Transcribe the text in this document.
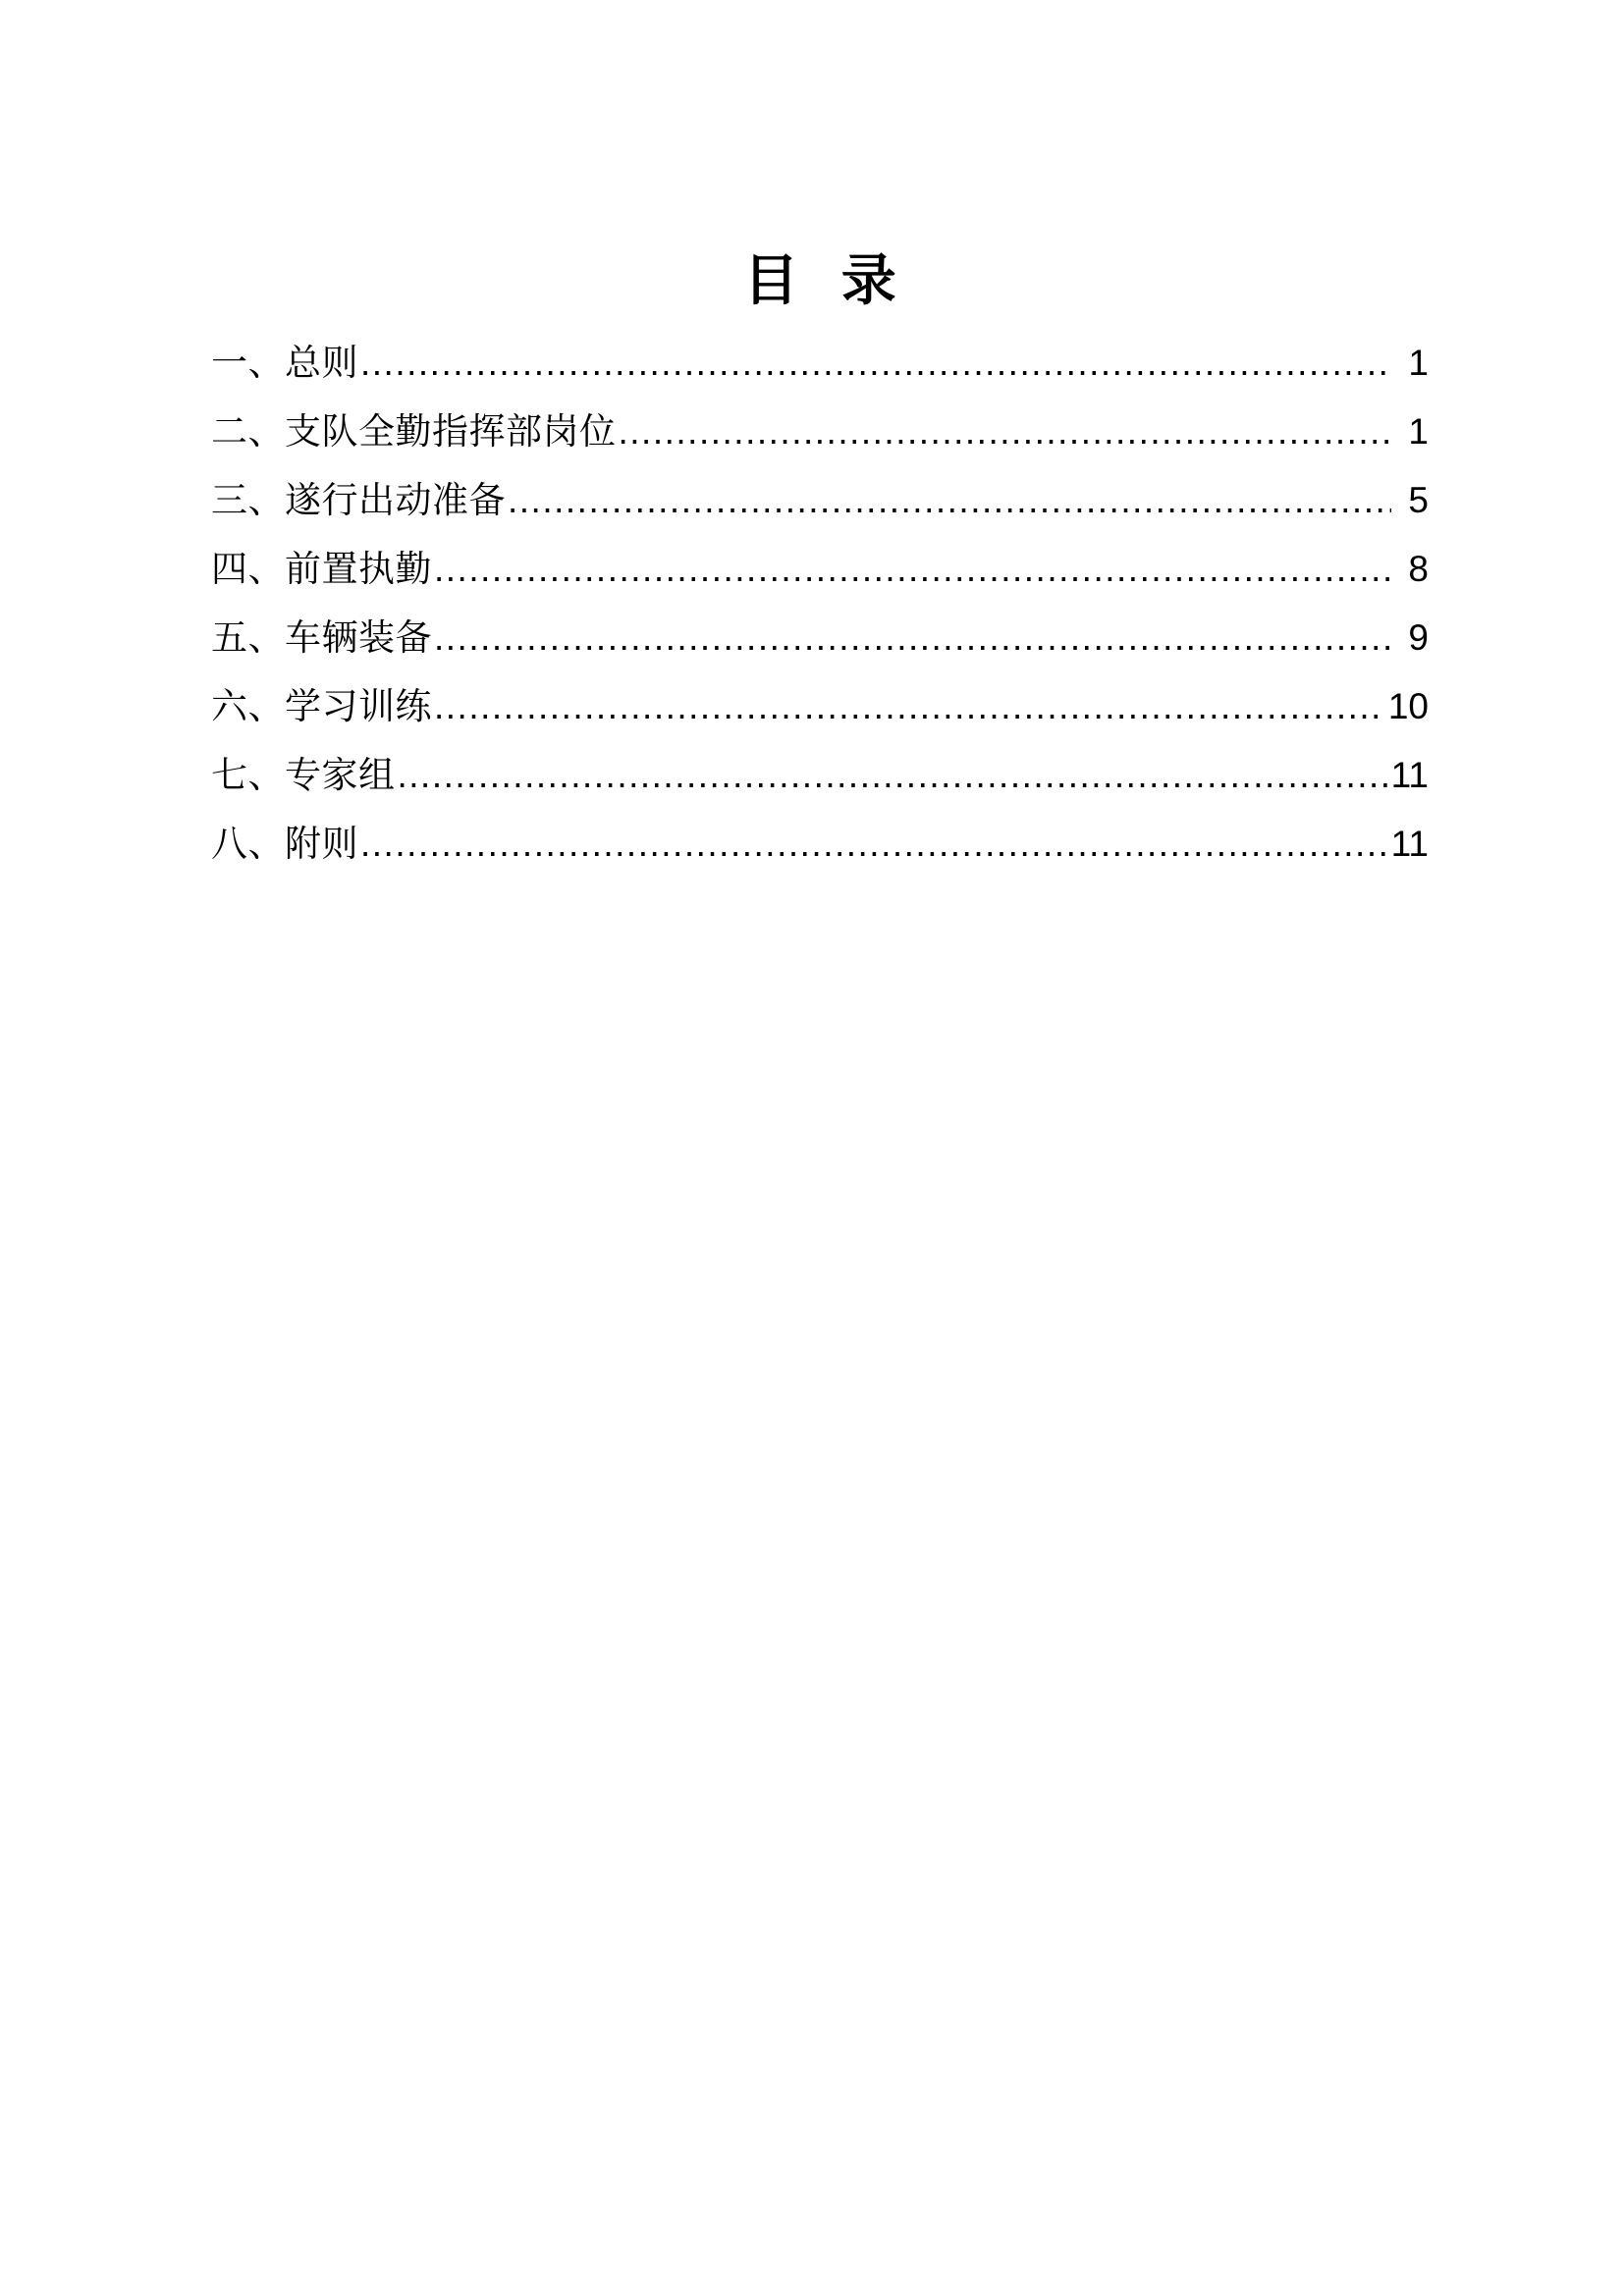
目 录
一、总则 .....	1
二、支队全勤指挥部岗位 .....	1
三、遂行出动准备 .....	5
四、前置执勤 .....	8
五、车辆装备 .....	9
六、学习训练 .....	10
七、专家组 .....	11
八、附则 .....	11
